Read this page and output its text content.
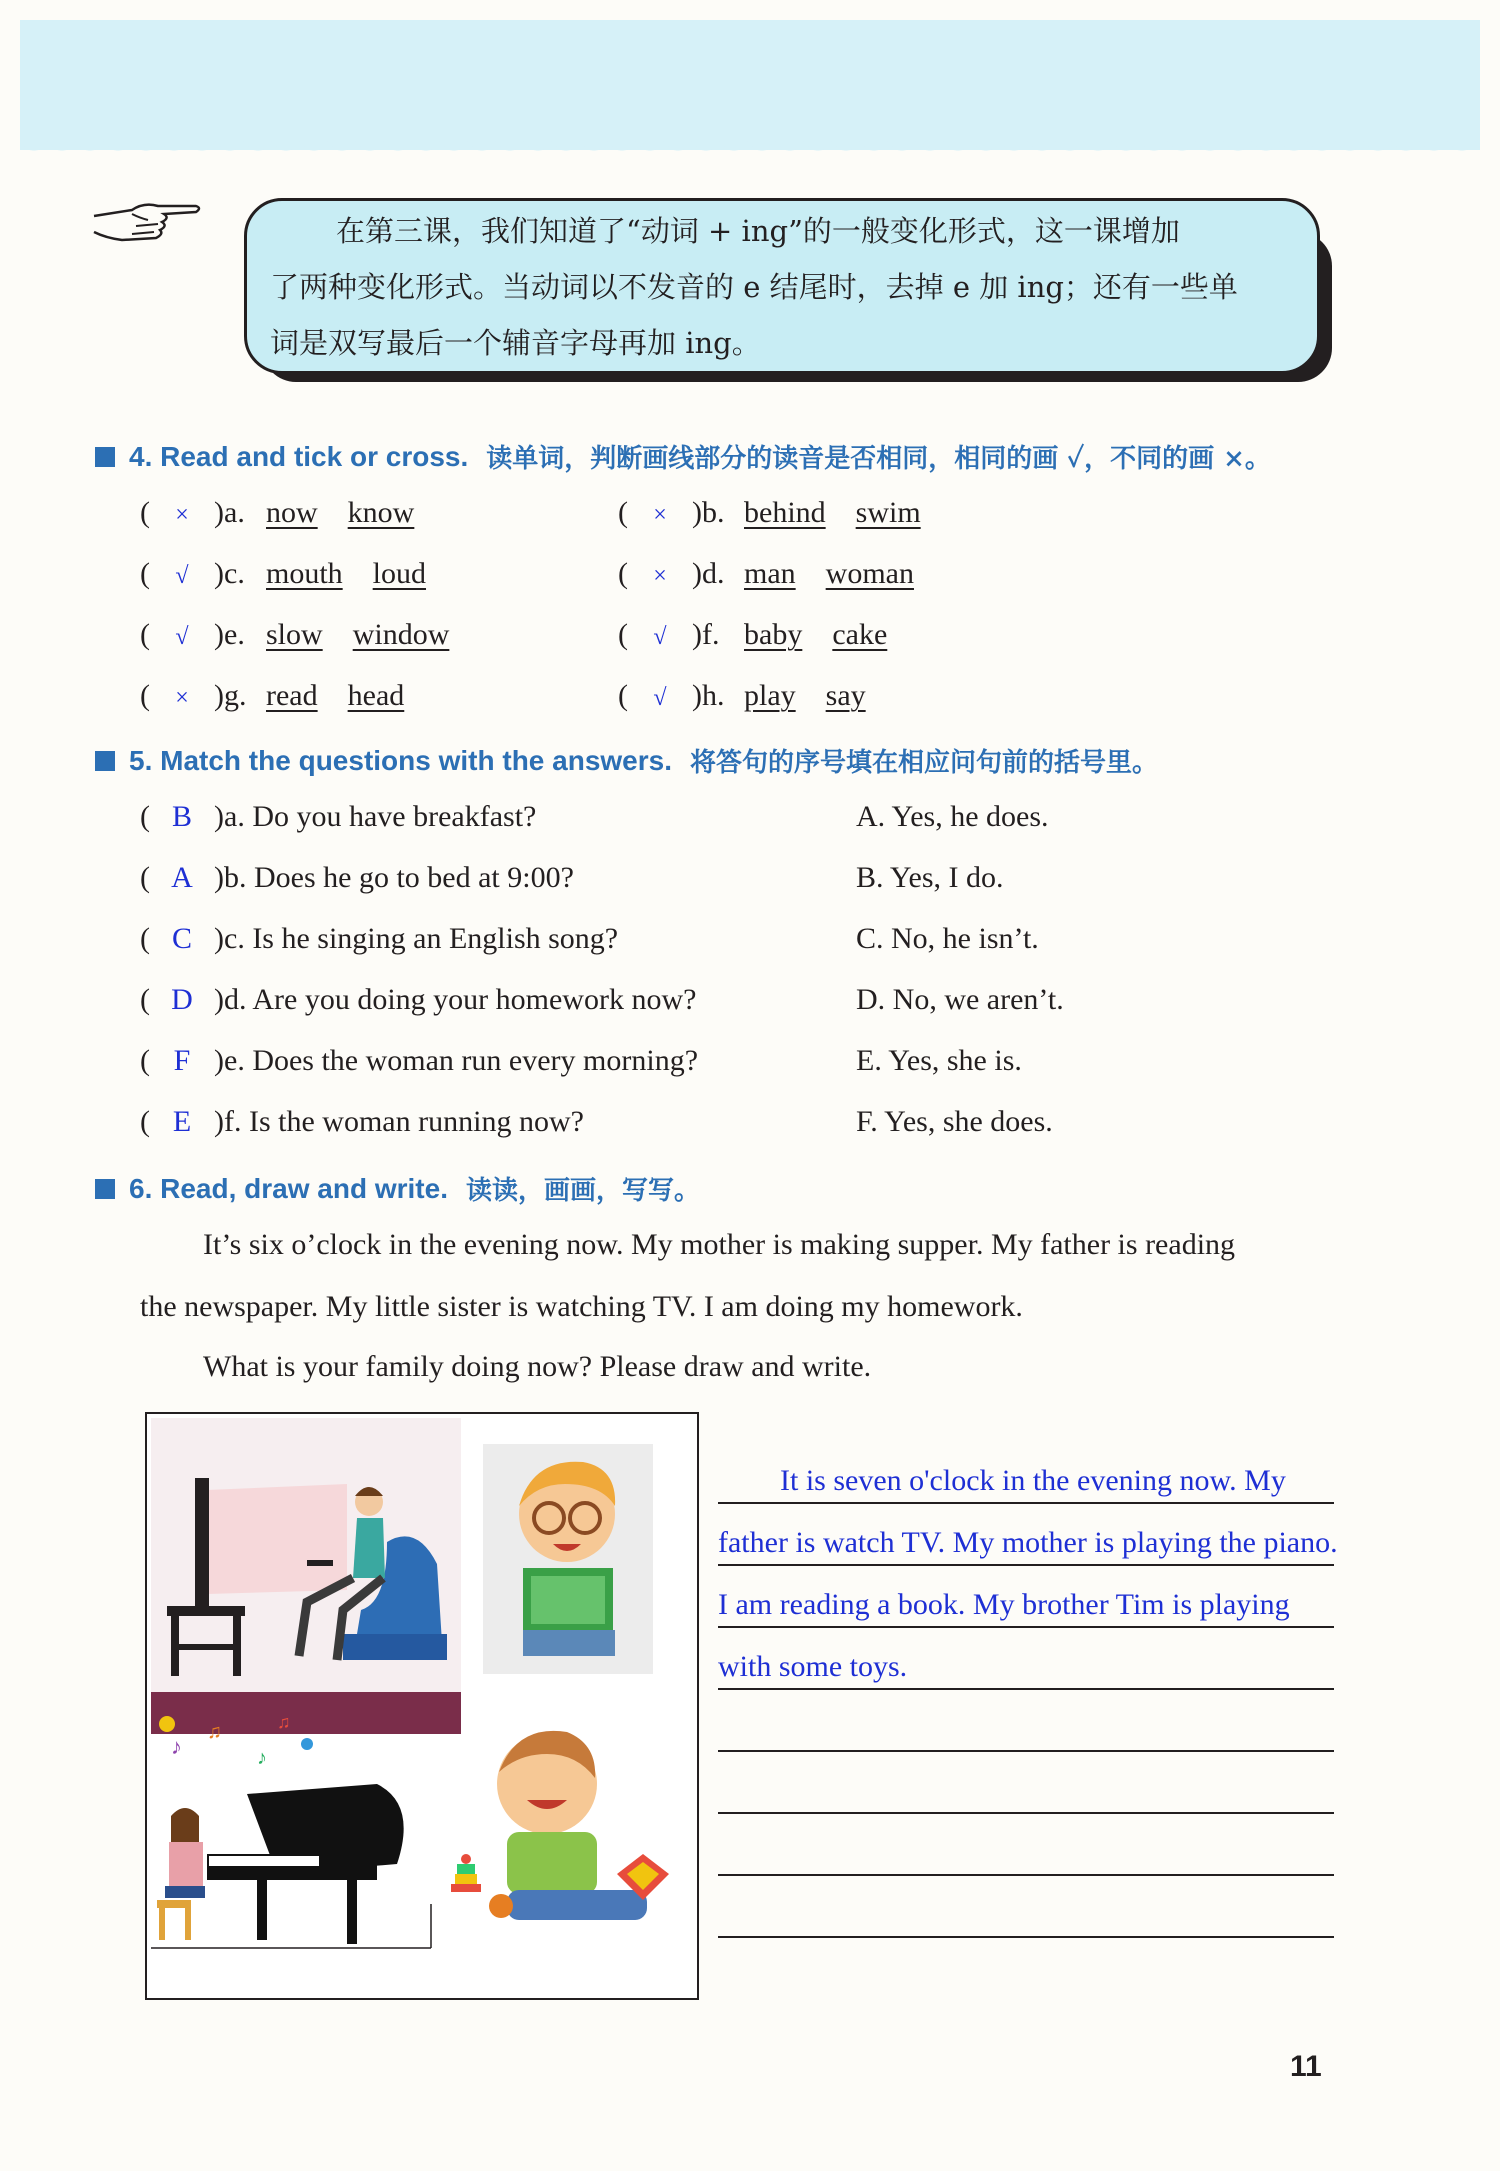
在第三课，我们知道了“动词 + ing”的一般变化形式，这一课增加

了两种变化形式。当动词以不发音的 e 结尾时，去掉 e 加 ing；还有一些单

词是双写最后一个辅音字母再加 ing。

4. Read and tick or cross. 读单词，判断画线部分的读音是否相同，相同的画 ✓，不同的画 ×。
( × )a. now know	( × )b. behind swim
( √ )c. mouth loud	( × )d. man woman
( √ )e. slow window	( √ )f. baby cake
( × )g. read head	( √ )h. play say
5. Match the questions with the answers. 将答句的序号填在相应问句前的括号里。
( B )a. Do you have breakfast?	A. Yes, he does.
( A )b. Does he go to bed at 9:00?	B. Yes, I do.
( C )c. Is he singing an English song?	C. No, he isn’t.
( D )d. Are you doing your homework now?	D. No, we aren’t.
( F )e. Does the woman run every morning?	E. Yes, she is.
( E )f. Is the woman running now?	F. Yes, she does.
6. Read, draw and write. 读读，画画，写写。
It’s six o’clock in the evening now. My mother is making supper. My father is reading
the newspaper. My little sister is watching TV. I am doing my homework.
What is your family doing now? Please draw and write.
♪
♫
♪
♫
It is seven o'clock in the evening now. My
father is watch TV. My mother is playing the piano.
I am reading a book. My brother Tim is playing
with some toys.
11
